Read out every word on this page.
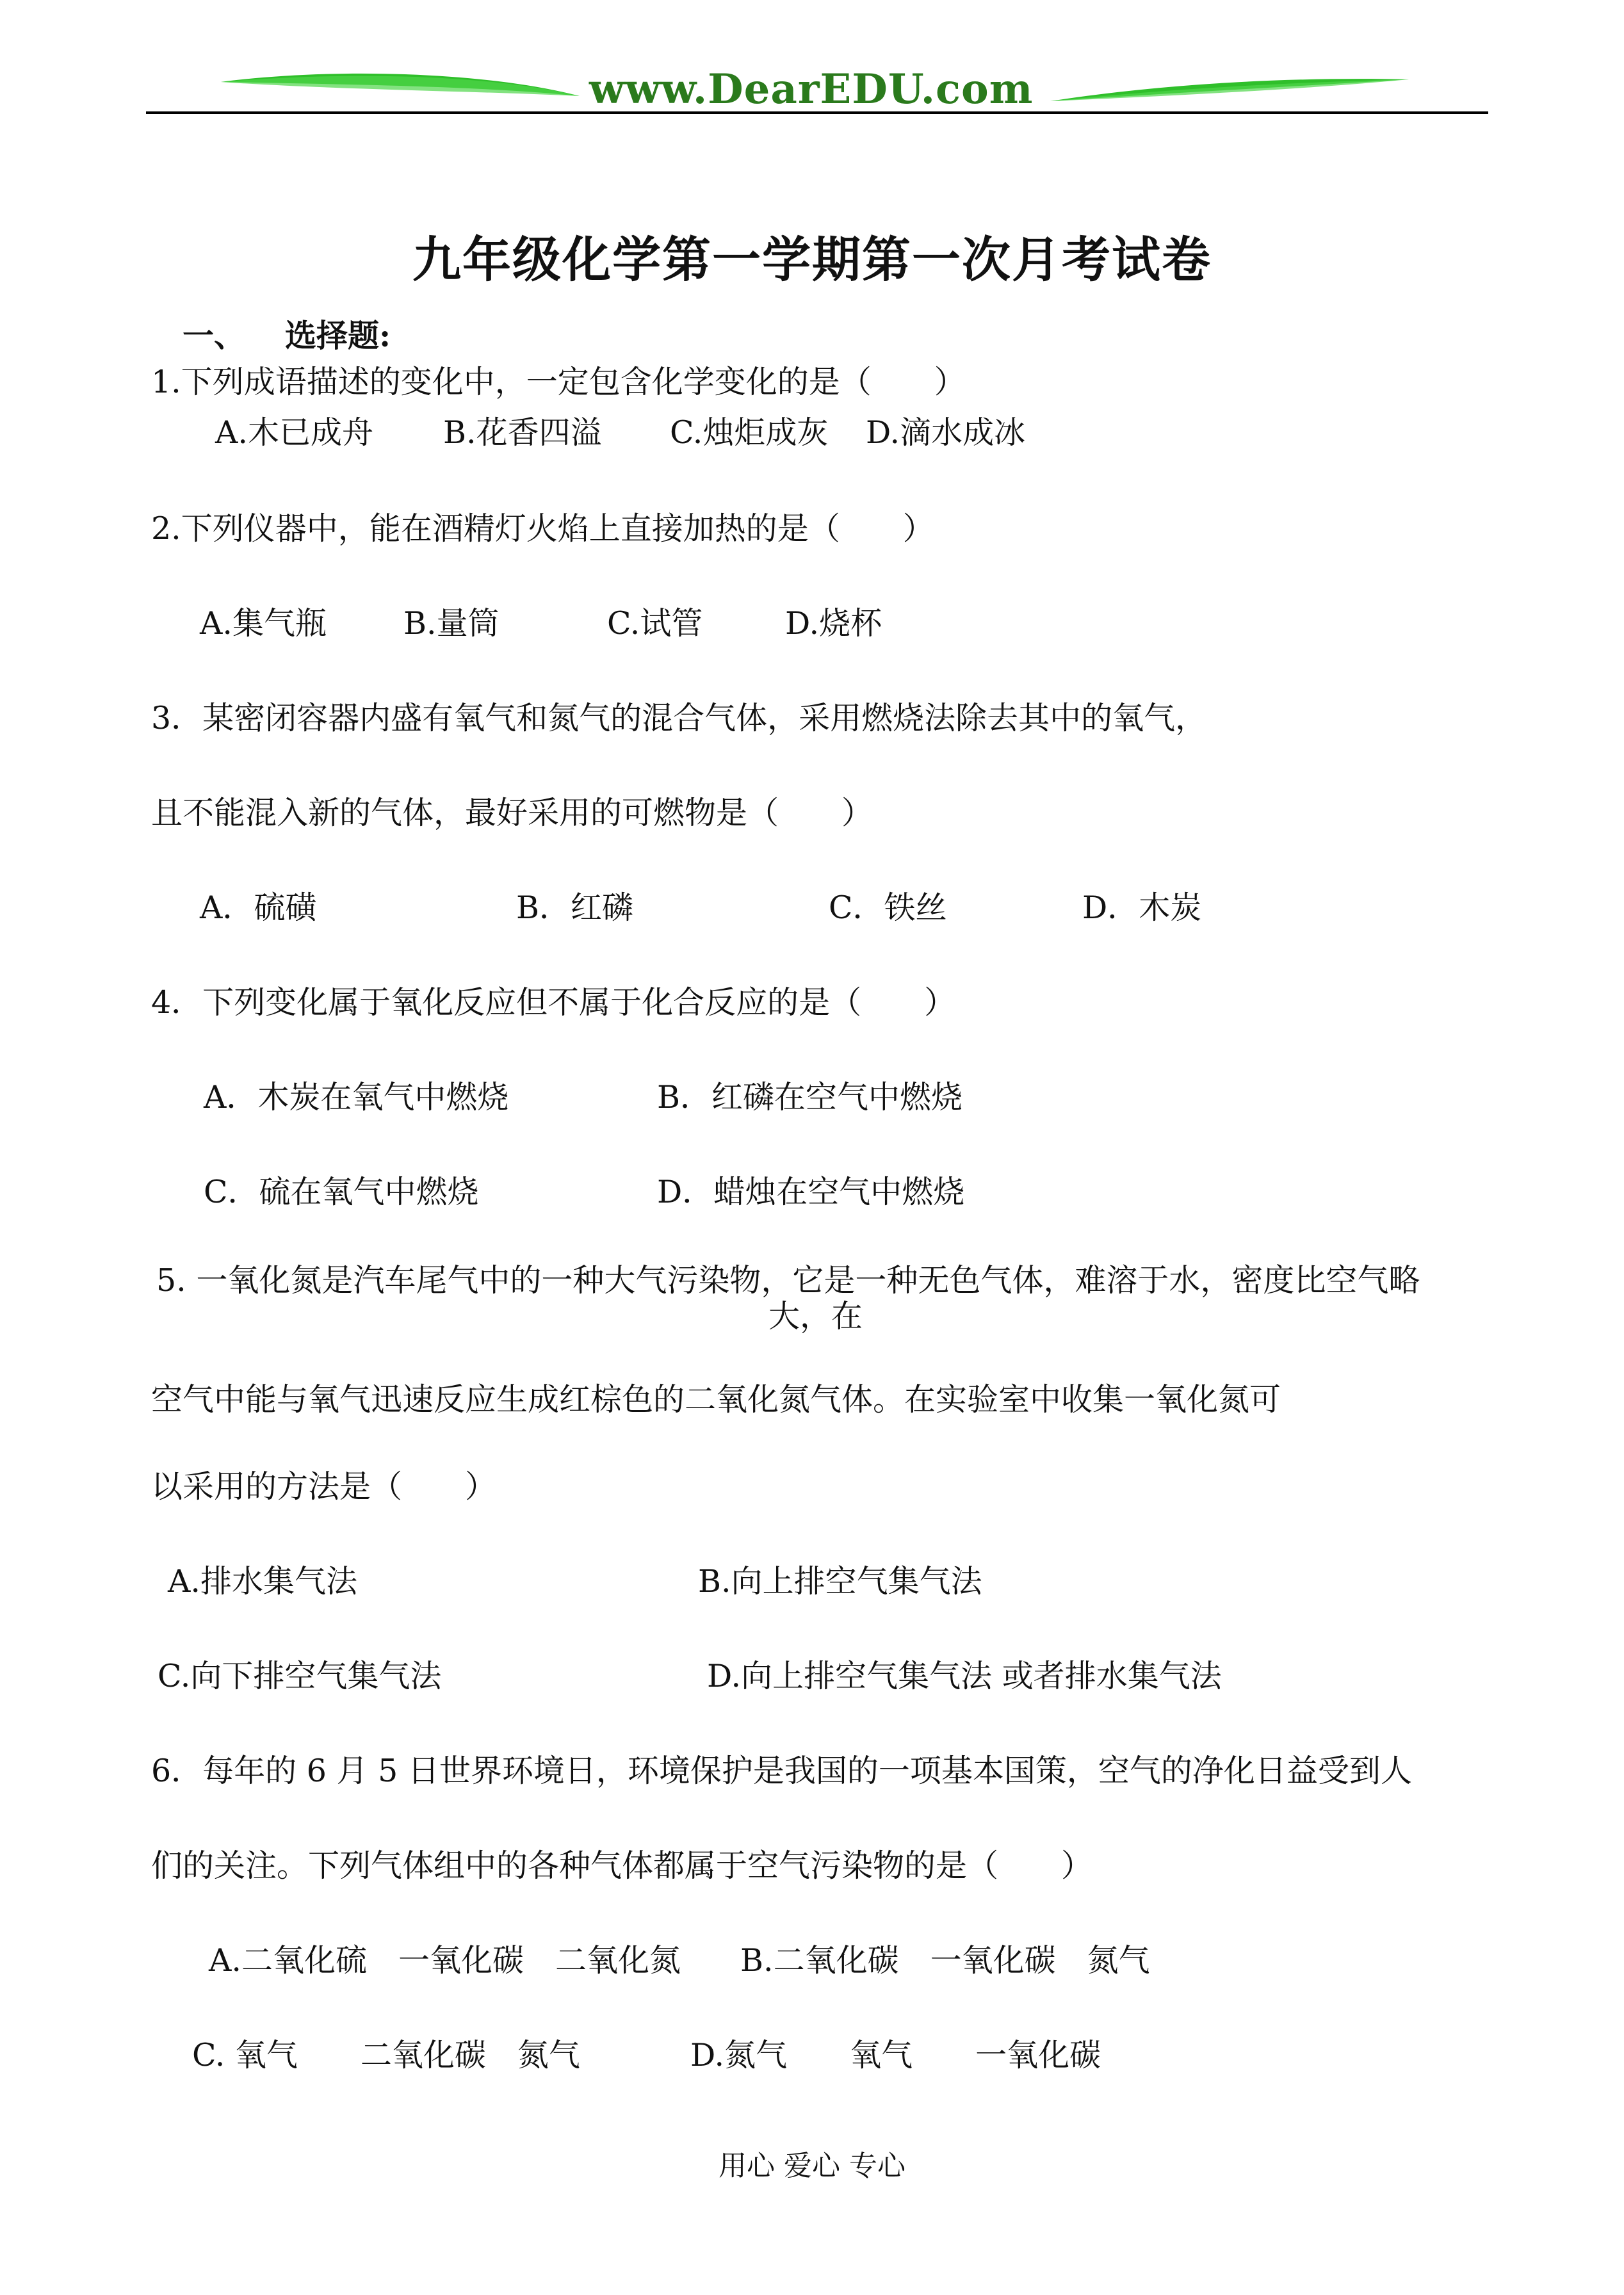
www.DearEDU.com
九年级化学第一学期第一次月考试卷
一、 选择题:
1.下列成语描述的变化中，一定包含化学变化的是（　　）
A.木已成舟 B.花香四溢 C.烛炬成灰 D.滴水成冰
2.下列仪器中，能在酒精灯火焰上直接加热的是（　　）
A.集气瓶 B.量筒	C.试管	D.烧杯
3．某密闭容器内盛有氧气和氮气的混合气体，采用燃烧法除去其中的氧气，
且不能混入新的气体，最好采用的可燃物是（　　）
A．硫磺	B．红磷	C．铁丝	D．木炭
4．下列变化属于氧化反应但不属于化合反应的是（　　）
A．木炭在氧气中燃烧	B．红磷在空气中燃烧
C．硫在氧气中燃烧	D．蜡烛在空气中燃烧
5. 一氧化氮是汽车尾气中的一种大气污染物，它是一种无色气体，难溶于水，密度比空气略
大，在
空气中能与氧气迅速反应生成红棕色的二氧化氮气体。在实验室中收集一氧化氮可
以采用的方法是（　　）
A.排水集气法	B.向上排空气集气法
C.向下排空气集气法	D.向上排空气集气法 或者排水集气法
6．每年的 6 月 5 日世界环境日，环境保护是我国的一项基本国策，空气的净化日益受到人
们的关注。下列气体组中的各种气体都属于空气污染物的是（　　）
A.二氧化硫　一氧化碳　二氧化氮 B.二氧化碳　一氧化碳　氮气
C. 氧气　　二氧化碳　氮气	D.氮气　　氧气　　一氧化碳
用心 爱心 专心
